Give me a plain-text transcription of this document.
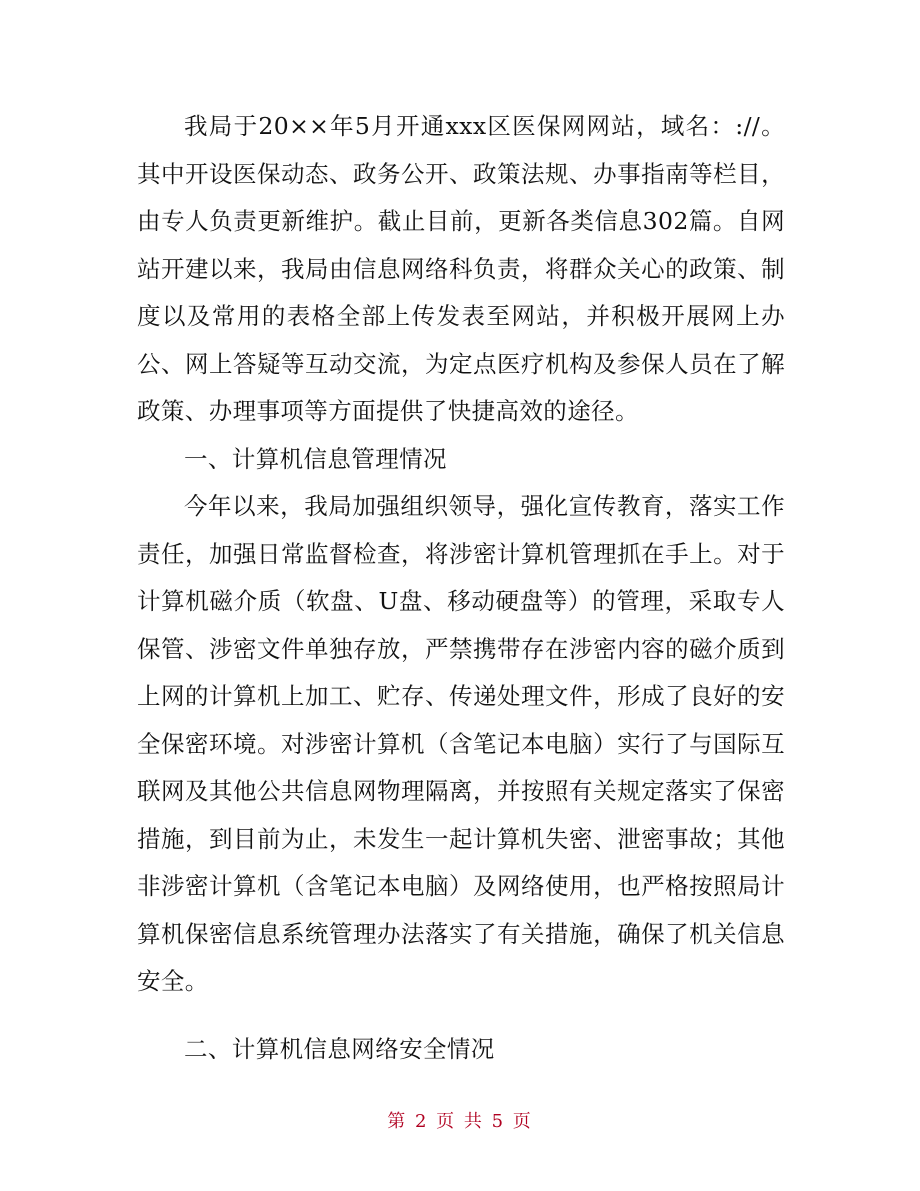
我局于20××年5月开通xxx区医保网网站，域名：://。其中开设医保动态、政务公开、政策法规、办事指南等栏目，由专人负责更新维护。截止目前，更新各类信息302篇。自网站开建以来，我局由信息网络科负责，将群众关心的政策、制度以及常用的表格全部上传发表至网站，并积极开展网上办公、网上答疑等互动交流，为定点医疗机构及参保人员在了解政策、办理事项等方面提供了快捷高效的途径。

一、计算机信息管理情况

今年以来，我局加强组织领导，强化宣传教育，落实工作责任，加强日常监督检查，将涉密计算机管理抓在手上。对于计算机磁介质（软盘、U盘、移动硬盘等）的管理，采取专人保管、涉密文件单独存放，严禁携带存在涉密内容的磁介质到上网的计算机上加工、贮存、传递处理文件，形成了良好的安全保密环境。对涉密计算机（含笔记本电脑）实行了与国际互联网及其他公共信息网物理隔离，并按照有关规定落实了保密措施，到目前为止，未发生一起计算机失密、泄密事故；其他非涉密计算机（含笔记本电脑）及网络使用，也严格按照局计算机保密信息系统管理办法落实了有关措施，确保了机关信息安全。

二、计算机信息网络安全情况

第 2 页 共 5 页
